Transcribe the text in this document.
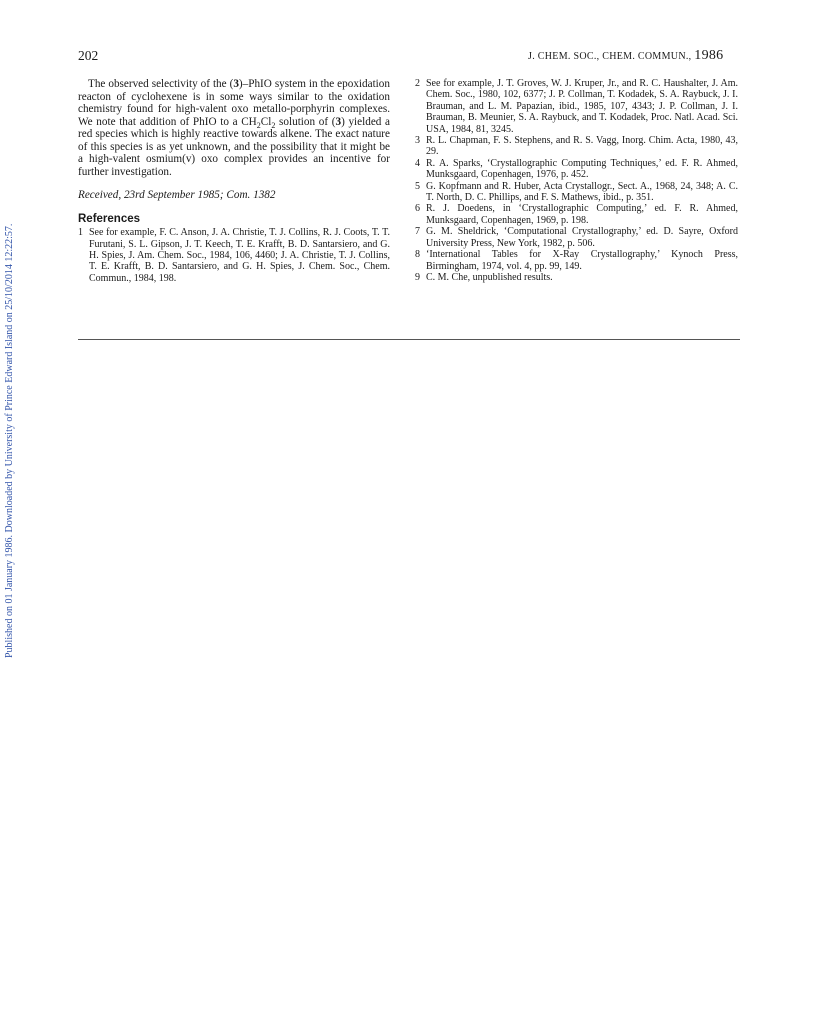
Published on 01 January 1986. Downloaded by University of Prince Edward Island on 25/10/2014 12:22:57.
202	J. CHEM. SOC., CHEM. COMMUN., 1986

The observed selectivity of the (3)–PhIO system in the epoxidation reacton of cyclohexene is in some ways similar to the oxidation chemistry found for high-valent oxo metallo-porphyrin complexes. We note that addition of PhIO to a $CH_2Cl_2$ solution of (3) yielded a red species which is highly reactive towards alkene. The exact nature of this species is as yet unknown, and the possibility that it might be a high-valent osmium(v) oxo complex provides an incentive for further investigation.

Received, 23rd September 1985; Com. 1382

References
1 See for example, F. C. Anson, J. A. Christie, T. J. Collins, R. J. Coots, T. T. Furutani, S. L. Gipson, J. T. Keech, T. E. Krafft, B. D. Santarsiero, and G. H. Spies, J. Am. Chem. Soc., 1984, 106, 4460; J. A. Christie, T. J. Collins, T. E. Krafft, B. D. Santarsiero, and G. H. Spies, J. Chem. Soc., Chem. Commun., 1984, 198.
2 See for example, J. T. Groves, W. J. Kruper, Jr., and R. C. Haushalter, J. Am. Chem. Soc., 1980, 102, 6377; J. P. Collman, T. Kodadek, S. A. Raybuck, J. I. Brauman, and L. M. Papazian, ibid., 1985, 107, 4343; J. P. Collman, J. I. Brauman, B. Meunier, S. A. Raybuck, and T. Kodadek, Proc. Natl. Acad. Sci. USA, 1984, 81, 3245.
3 R. L. Chapman, F. S. Stephens, and R. S. Vagg, Inorg. Chim. Acta, 1980, 43, 29.
4 R. A. Sparks, ‘Crystallographic Computing Techniques,’ ed. F. R. Ahmed, Munksgaard, Copenhagen, 1976, p. 452.
5 G. Kopfmann and R. Huber, Acta Crystallogr., Sect. A., 1968, 24, 348; A. C. T. North, D. C. Phillips, and F. S. Mathews, ibid., p. 351.
6 R. J. Doedens, in ‘Crystallographic Computing,’ ed. F. R. Ahmed, Munksgaard, Copenhagen, 1969, p. 198.
7 G. M. Sheldrick, ‘Computational Crystallography,’ ed. D. Sayre, Oxford University Press, New York, 1982, p. 506.
8 ‘International Tables for X-Ray Crystallography,’ Kynoch Press, Birmingham, 1974, vol. 4, pp. 99, 149.
9 C. M. Che, unpublished results.
